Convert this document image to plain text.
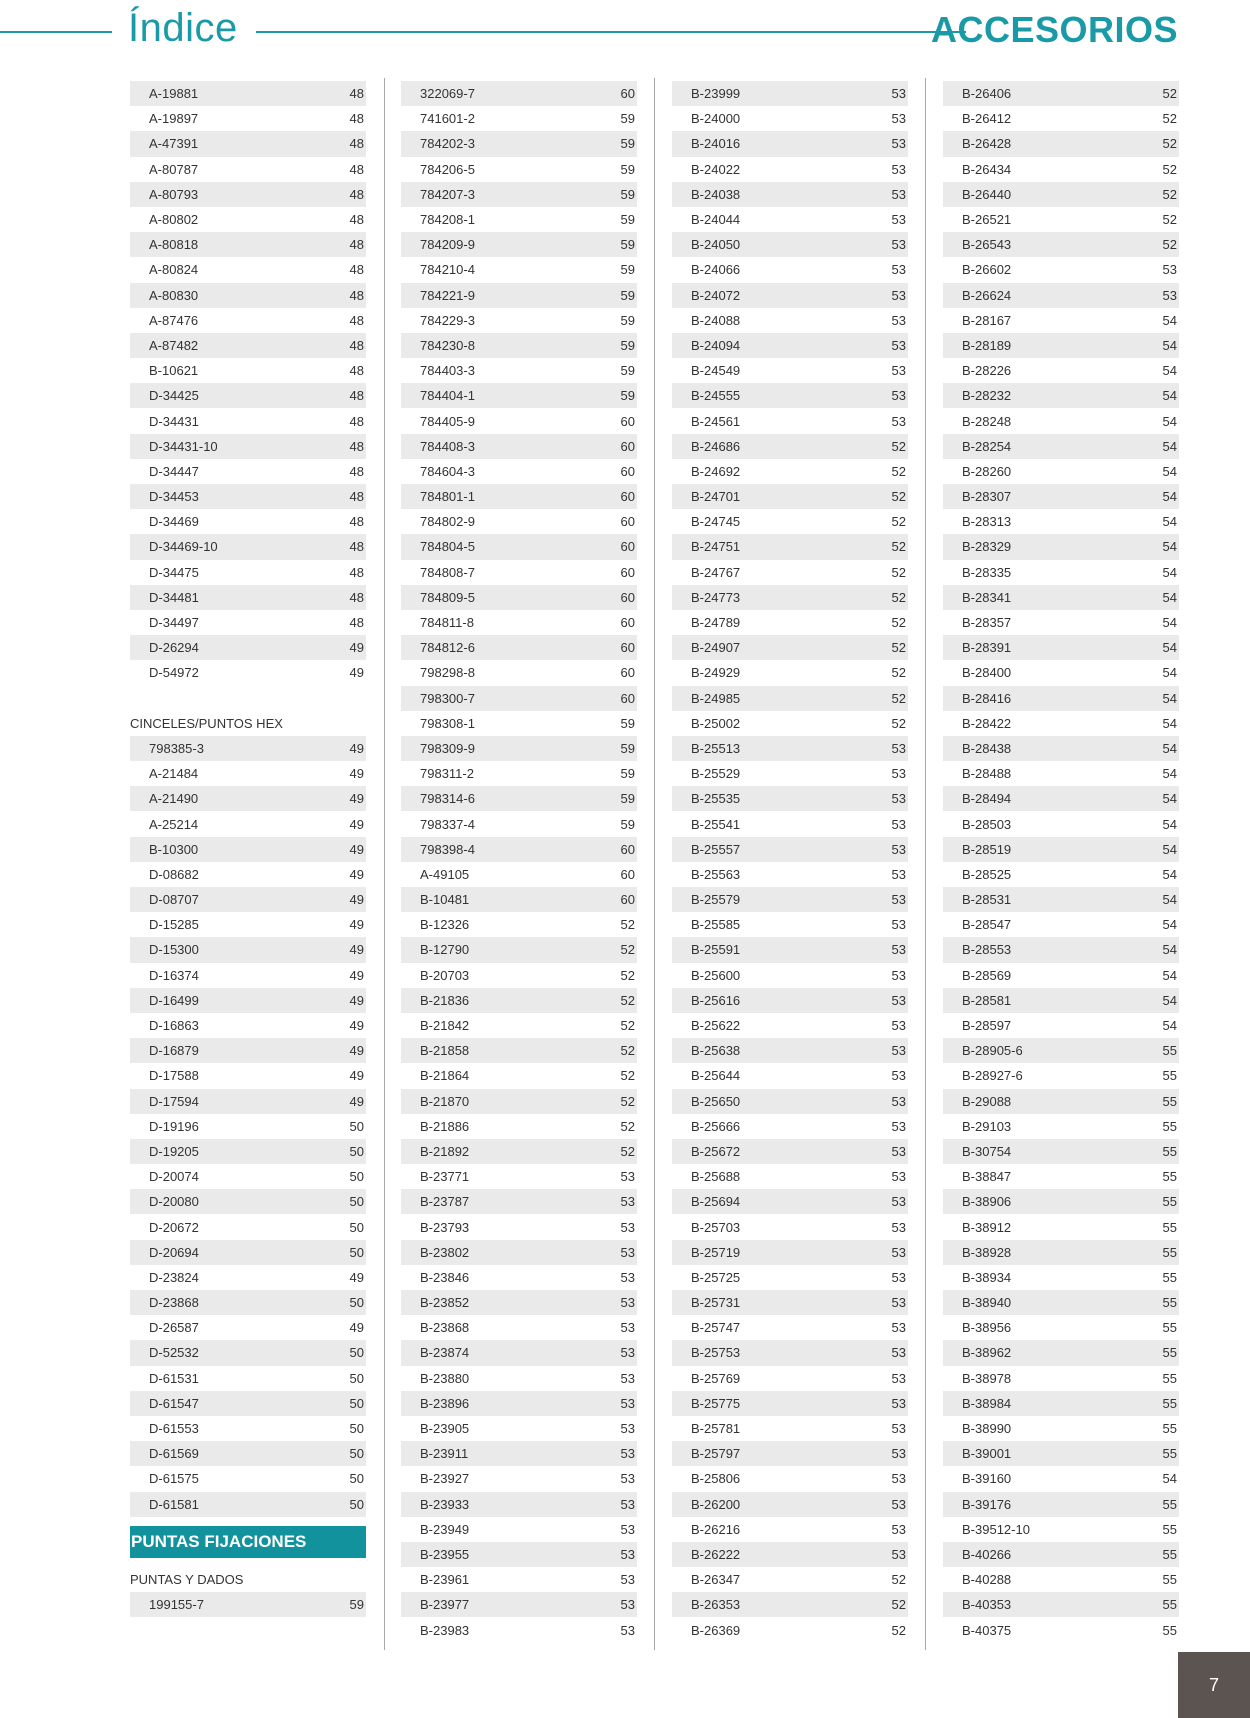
Índice	ACCESORIOS
A-19881	48
A-19897	48
A-47391	48
A-80787	48
A-80793	48
A-80802	48
A-80818	48
A-80824	48
A-80830	48
A-87476	48
A-87482	48
B-10621	48
D-34425	48
D-34431	48
D-34431-10	48
D-34447	48
D-34453	48
D-34469	48
D-34469-10	48
D-34475	48
D-34481	48
D-34497	48
D-26294	49
D-54972	49
CINCELES/PUNTOS HEX
798385-3	49
A-21484	49
A-21490	49
A-25214	49
B-10300	49
D-08682	49
D-08707	49
D-15285	49
D-15300	49
D-16374	49
D-16499	49
D-16863	49
D-16879	49
D-17588	49
D-17594	49
D-19196	50
D-19205	50
D-20074	50
D-20080	50
D-20672	50
D-20694	50
D-23824	49
D-23868	50
D-26587	49
D-52532	50
D-61531	50
D-61547	50
D-61553	50
D-61569	50
D-61575	50
D-61581	50
PUNTAS FIJACIONES
PUNTAS Y DADOS
199155-7	59
322069-7	60
741601-2	59
784202-3	59
784206-5	59
784207-3	59
784208-1	59
784209-9	59
784210-4	59
784221-9	59
784229-3	59
784230-8	59
784403-3	59
784404-1	59
784405-9	60
784408-3	60
784604-3	60
784801-1	60
784802-9	60
784804-5	60
784808-7	60
784809-5	60
784811-8	60
784812-6	60
798298-8	60
798300-7	60
798308-1	59
798309-9	59
798311-2	59
798314-6	59
798337-4	59
798398-4	60
A-49105	60
B-10481	60
B-12326	52
B-12790	52
B-20703	52
B-21836	52
B-21842	52
B-21858	52
B-21864	52
B-21870	52
B-21886	52
B-21892	52
B-23771	53
B-23787	53
B-23793	53
B-23802	53
B-23846	53
B-23852	53
B-23868	53
B-23874	53
B-23880	53
B-23896	53
B-23905	53
B-23911	53
B-23927	53
B-23933	53
B-23949	53
B-23955	53
B-23961	53
B-23977	53
B-23983	53
B-23999	53
B-24000	53
B-24016	53
B-24022	53
B-24038	53
B-24044	53
B-24050	53
B-24066	53
B-24072	53
B-24088	53
B-24094	53
B-24549	53
B-24555	53
B-24561	53
B-24686	52
B-24692	52
B-24701	52
B-24745	52
B-24751	52
B-24767	52
B-24773	52
B-24789	52
B-24907	52
B-24929	52
B-24985	52
B-25002	52
B-25513	53
B-25529	53
B-25535	53
B-25541	53
B-25557	53
B-25563	53
B-25579	53
B-25585	53
B-25591	53
B-25600	53
B-25616	53
B-25622	53
B-25638	53
B-25644	53
B-25650	53
B-25666	53
B-25672	53
B-25688	53
B-25694	53
B-25703	53
B-25719	53
B-25725	53
B-25731	53
B-25747	53
B-25753	53
B-25769	53
B-25775	53
B-25781	53
B-25797	53
B-25806	53
B-26200	53
B-26216	53
B-26222	53
B-26347	52
B-26353	52
B-26369	52
B-26406	52
B-26412	52
B-26428	52
B-26434	52
B-26440	52
B-26521	52
B-26543	52
B-26602	53
B-26624	53
B-28167	54
B-28189	54
B-28226	54
B-28232	54
B-28248	54
B-28254	54
B-28260	54
B-28307	54
B-28313	54
B-28329	54
B-28335	54
B-28341	54
B-28357	54
B-28391	54
B-28400	54
B-28416	54
B-28422	54
B-28438	54
B-28488	54
B-28494	54
B-28503	54
B-28519	54
B-28525	54
B-28531	54
B-28547	54
B-28553	54
B-28569	54
B-28581	54
B-28597	54
B-28905-6	55
B-28927-6	55
B-29088	55
B-29103	55
B-30754	55
B-38847	55
B-38906	55
B-38912	55
B-38928	55
B-38934	55
B-38940	55
B-38956	55
B-38962	55
B-38978	55
B-38984	55
B-38990	55
B-39001	55
B-39160	54
B-39176	55
B-39512-10	55
B-40266	55
B-40288	55
B-40353	55
B-40375	55
7
